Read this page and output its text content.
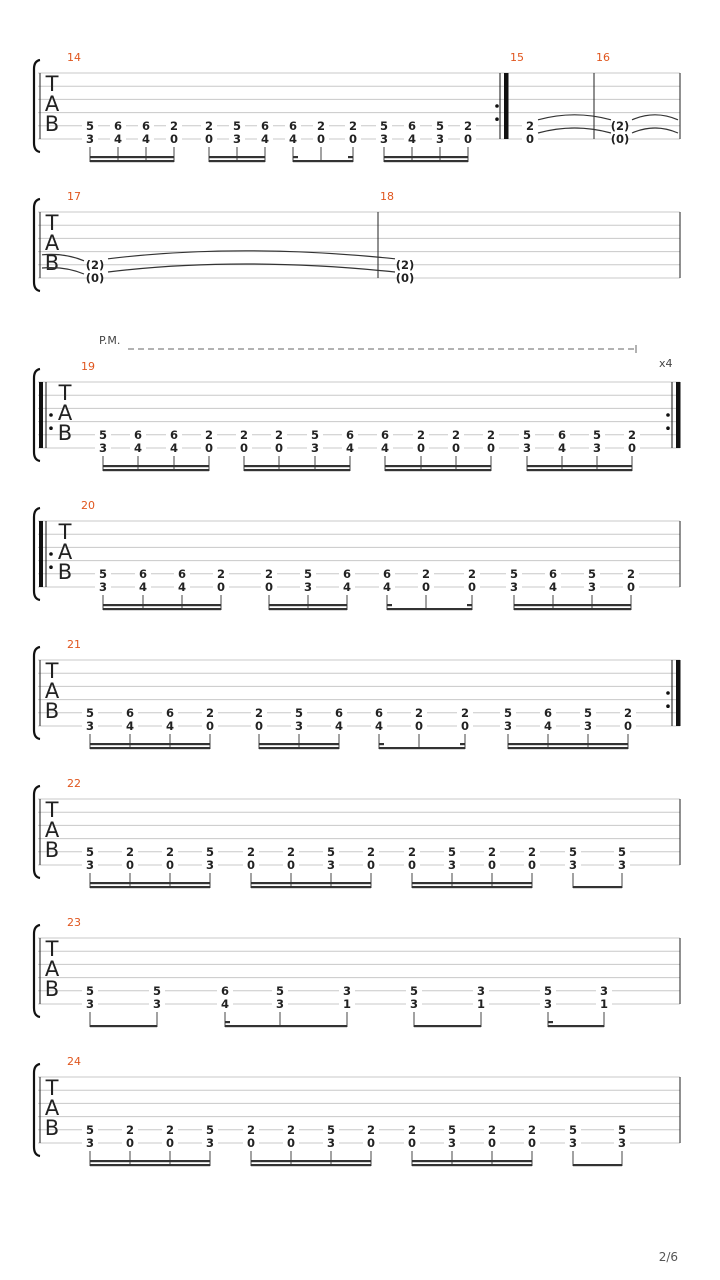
T
A
B
14
5
3
6
4
6
4
2
0
2
0
5
3
6
4
6
4
2
0
2
0
5
3
6
4
5
3
2
0
15
2
0
16
(2)
(0)
T
A
B
17
(2)
(0)
18
(2)
(0)
T
A
B
19
5
3
6
4
6
4
2
0
2
0
2
0
5
3
6
4
6
4
2
0
2
0
2
0
5
3
6
4
5
3
2
0
P.M.
x4
T
A
B
20
5
3
6
4
6
4
2
0
2
0
5
3
6
4
6
4
2
0
2
0
5
3
6
4
5
3
2
0
T
A
B
21
5
3
6
4
6
4
2
0
2
0
5
3
6
4
6
4
2
0
2
0
5
3
6
4
5
3
2
0
T
A
B
22
5
3
2
0
2
0
5
3
2
0
2
0
5
3
2
0
2
0
5
3
2
0
2
0
5
3
5
3
T
A
B
23
5
3
5
3
6
4
5
3
3
1
5
3
3
1
5
3
3
1
T
A
B
24
5
3
2
0
2
0
5
3
2
0
2
0
5
3
2
0
2
0
5
3
2
0
2
0
5
3
5
3
2/6
